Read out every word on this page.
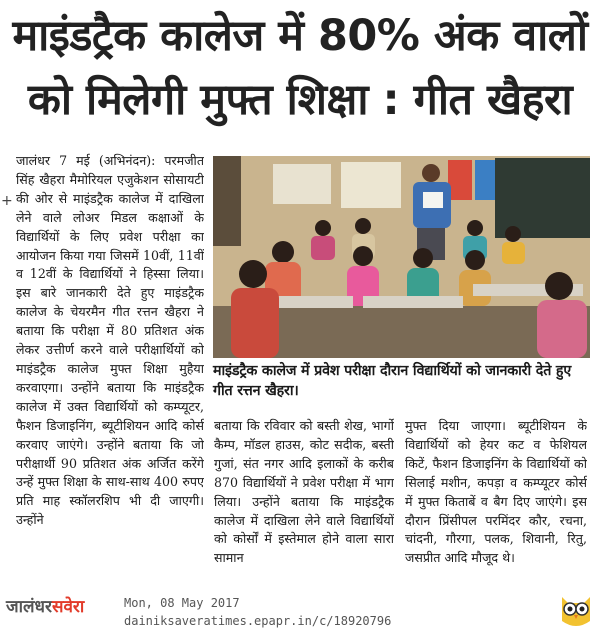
माइंडट्रैक कालेज में 80% अंक वालों
को मिलेगी मुफ्त शिक्षा : गीत खैहरा
+

जालंधर 7 मई (अभिनंदन): परमजीत सिंह खैहरा मैमोरियल एजुकेशन सोसायटी की ओर से माइंडट्रैक कालेज में दाखिला लेने वाले लोअर मिडल कक्षाओं के विद्यार्थियों के लिए प्रवेश परीक्षा का आयोजन किया गया जिसमें 10वीं, 11वीं व 12वीं के विद्यार्थियों ने हिस्सा लिया। इस बारे जानकारी देते हुए माइंडट्रैक कालेज के चेयरमैन गीत रत्तन खैहरा ने बताया कि परीक्षा में 80 प्रतिशत अंक लेकर उत्तीर्ण करने वाले परीक्षार्थियों को माइंडट्रैक कालेज मुफ्त शिक्षा मुहैया करवाएगा। उन्होंने बताया कि माइंडट्रैक कालेज में उक्त विद्यार्थियों को कम्प्यूटर, फैशन डिजाइनिंग, ब्यूटीशियन आदि कोर्स करवाए जाएंगे। उन्होंने बताया कि जो परीक्षार्थी 90 प्रतिशत अंक अर्जित करेंगे उन्हें मुफ्त शिक्षा के साथ-साथ 400 रुपए प्रति माह स्कॉलरशिप भी दी जाएगी। उन्होंने

माइंडट्रैक कालेज में प्रवेश परीक्षा दौरान विद्यार्थियों को जानकारी देते हुए गीत रत्तन खैहरा।

बताया कि रविवार को बस्ती शेख, भार्गो कैम्प, मॉडल हाउस, कोट सदीक, बस्ती गुजां, संत नगर आदि इलाकों के करीब 870 विद्यार्थियों ने प्रवेश परीक्षा में भाग लिया। उन्होंने बताया कि माइंडट्रैक कालेज में दाखिला लेने वाले विद्यार्थियों को कोर्सों में इस्तेमाल होने वाला सारा सामान

मुफ्त दिया जाएगा। ब्यूटीशियन के विद्यार्थियों को हेयर कट व फेशियल किटें, फैशन डिजाइनिंग के विद्यार्थियों को सिलाई मशीन, कपड़ा व कम्प्यूटर कोर्स में मुफ्त किताबें व बैग दिए जाएंगे। इस दौरान प्रिंसीपल परमिंदर कौर, रचना, चांदनी, गौरगा, पलक, शिवानी, रितु, जसप्रीत आदि मौजूद थे।

जालंधरसवेरा	Mon, 08 May 2017
dainiksaveratimes.epapr.in/c/18920796
